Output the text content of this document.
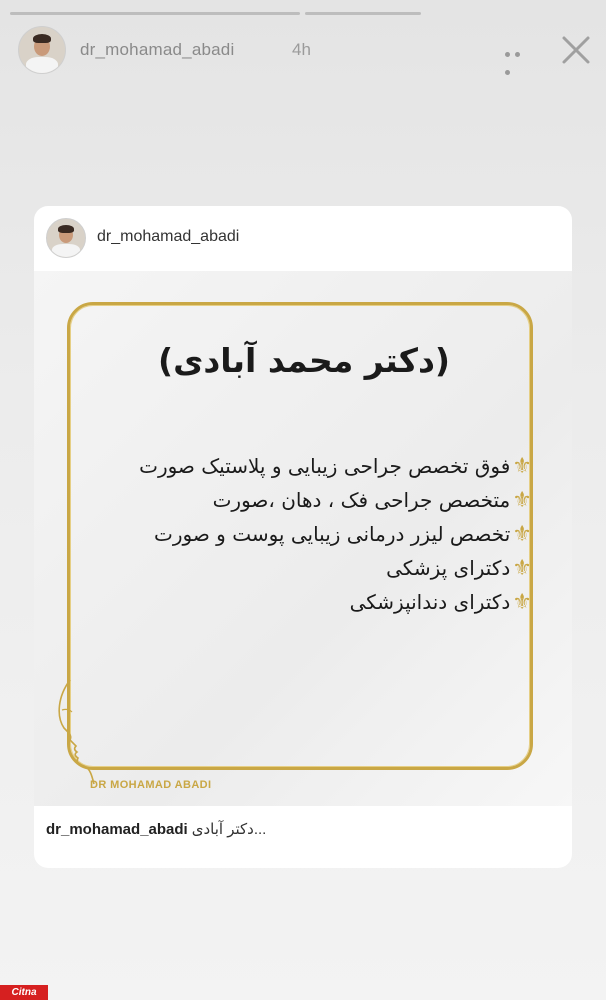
dr_mohamad_abadi	4h
dr_mohamad_abadi
(دکتر محمد آبادی)
⚜فوق تخصص جراحی زیبایی و پلاستیک صورت
⚜متخصص جراحی فک ، دهان ،صورت
⚜تخصص لیزر درمانی زیبایی پوست و صورت
⚜دکترای پزشکی
⚜دکترای دندانپزشکی
DR MOHAMAD ABADI
dr_mohamad_abadi دکتر آبادی...
Citna
